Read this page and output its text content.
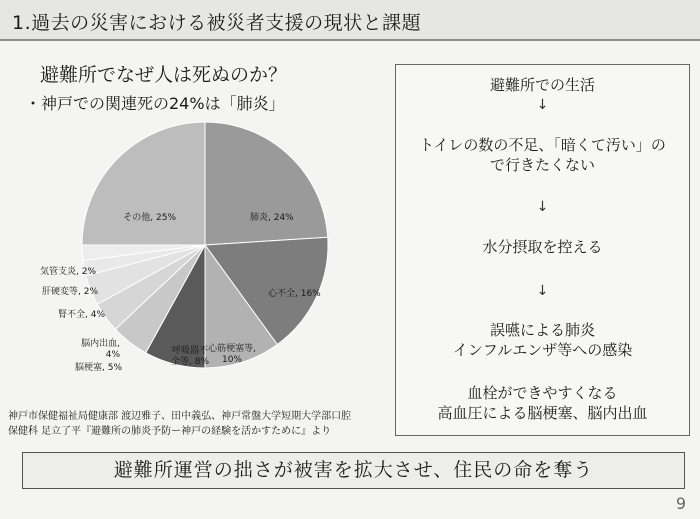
1.過去の災害における被災者支援の現状と課題
避難所でなぜ人は死ぬのか？
・神戸での関連死の24%は「肺炎」
肺炎, 24%
心不全, 16%
心筋梗塞等, 10%
呼吸器不全等, 8%
脳梗塞, 5%
脳内出血, 4%
腎不全, 4%
肝硬変等, 2%
気管支炎, 2%
その他, 25%
神戸市保健福祉局健康部 渡辺雅子、田中義弘、神戸常盤大学短期大学部口腔
保健科 足立了平『避難所の肺炎予防ー神戸の経験を活かすために』より
避難所での生活
↓
トイレの数の不足、「暗くて汚い」の
で行きたくない
↓
水分摂取を控える
↓
誤嚥による肺炎
インフルエンザ等への感染
血栓ができやすくなる
高血圧による脳梗塞、脳内出血
避難所運営の拙さが被害を拡大させ、住民の命を奪う
9
